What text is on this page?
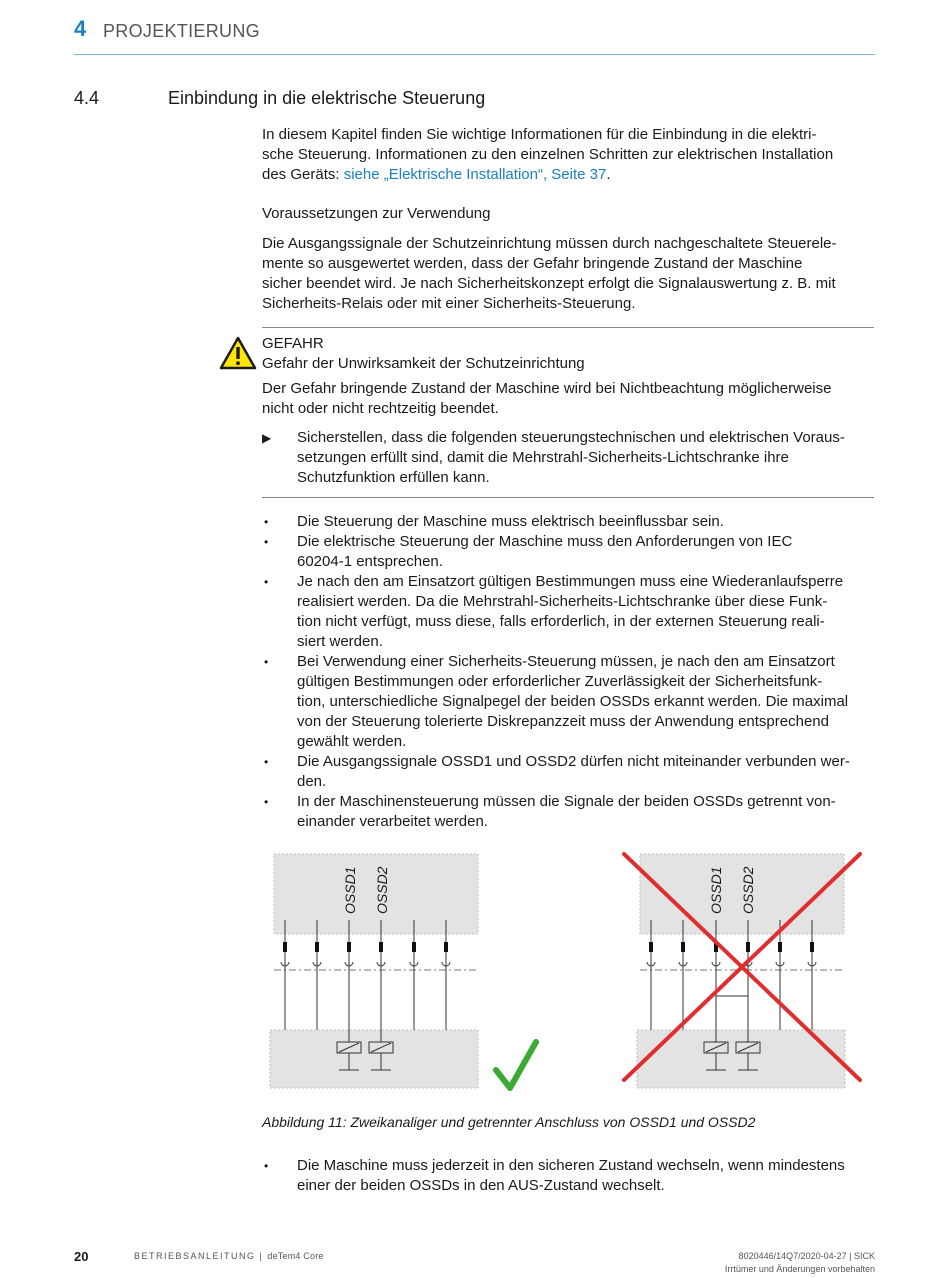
4 PROJEKTIERUNG
4.4	Einbindung in die elektrische Steuerung
In diesem Kapitel finden Sie wichtige Informationen für die Einbindung in die elektri-
sche Steuerung. Informationen zu den einzelnen Schritten zur elektrischen Installation
des Geräts: siehe „Elektrische Installation“, Seite 37.
Voraussetzungen zur Verwendung
Die Ausgangssignale der Schutzeinrichtung müssen durch nachgeschaltete Steuerele-
mente so ausgewertet werden, dass der Gefahr bringende Zustand der Maschine
sicher beendet wird. Je nach Sicherheitskonzept erfolgt die Signalauswertung z. B. mit
Sicherheits-Relais oder mit einer Sicherheits-Steuerung.
GEFAHR
Gefahr der Unwirksamkeit der Schutzeinrichtung
Der Gefahr bringende Zustand der Maschine wird bei Nichtbeachtung möglicherweise
nicht oder nicht rechtzeitig beendet.
▶ Sicherstellen, dass die folgenden steuerungstechnischen und elektrischen Voraus-
setzungen erfüllt sind, damit die Mehrstrahl-Sicherheits-Lichtschranke ihre
Schutzfunktion erfüllen kann.
• Die Steuerung der Maschine muss elektrisch beeinflussbar sein.
• Die elektrische Steuerung der Maschine muss den Anforderungen von IEC
60204-1 entsprechen.
• Je nach den am Einsatzort gültigen Bestimmungen muss eine Wiederanlaufsperre
realisiert werden. Da die Mehrstrahl-Sicherheits-Lichtschranke über diese Funk-
tion nicht verfügt, muss diese, falls erforderlich, in der externen Steuerung reali-
siert werden.
• Bei Verwendung einer Sicherheits-Steuerung müssen, je nach den am Einsatzort
gültigen Bestimmungen oder erforderlicher Zuverlässigkeit der Sicherheitsfunk-
tion, unterschiedliche Signalpegel der beiden OSSDs erkannt werden. Die maximal
von der Steuerung tolerierte Diskrepanzzeit muss der Anwendung entsprechend
gewählt werden.
• Die Ausgangssignale OSSD1 und OSSD2 dürfen nicht miteinander verbunden wer-
den.
• In der Maschinensteuerung müssen die Signale der beiden OSSDs getrennt von-
einander verarbeitet werden.
OSSD1 OSSD2	OSSD1 OSSD2
Abbildung 11: Zweikanaliger und getrennter Anschluss von OSSD1 und OSSD2
• Die Maschine muss jederzeit in den sicheren Zustand wechseln, wenn mindestens
einer der beiden OSSDs in den AUS-Zustand wechselt.
20	BETRIEBSANLEITUNG | deTem4 Core	8020446/14Q7/2020-04-27 | SICK
Irrtümer und Änderungen vorbehalten
